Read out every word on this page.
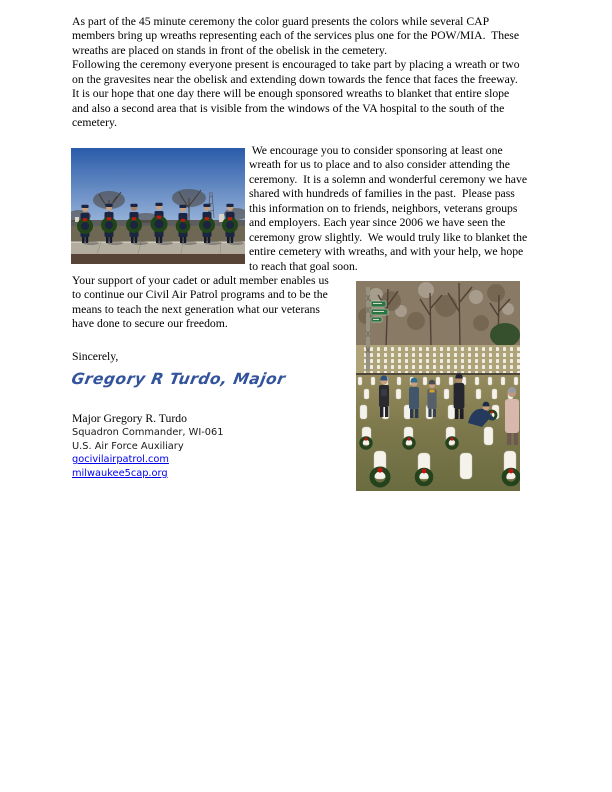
As part of the 45 minute ceremony the color guard presents the colors while several CAP
members bring up wreaths representing each of the services plus one for the POW/MIA.  These
wreaths are placed on stands in front of the obelisk in the cemetery.
Following the ceremony everyone present is encouraged to take part by placing a wreath or two
on the gravesites near the obelisk and extending down towards the fence that faces the freeway.
It is our hope that one day there will be enough sponsored wreaths to blanket that entire slope
and also a second area that is visible from the windows of the VA hospital to the south of the
cemetery.
We encourage you to consider sponsoring at least one
wreath for us to place and to also consider attending the
ceremony.  It is a solemn and wonderful ceremony we have
shared with hundreds of families in the past.  Please pass
this information on to friends, neighbors, veterans groups
and employers. Each year since 2006 we have seen the
ceremony grow slightly.  We would truly like to blanket the
entire cemetery with wreaths, and with your help, we hope
to reach that goal soon.
Your support of your cadet or adult member enables us
to continue our Civil Air Patrol programs and to be the
means to teach the next generation what our veterans
have done to secure our freedom.
Sincerely,
Gregory R Turdo, Major
Major Gregory R. Turdo
Squadron Commander, WI-061
U.S. Air Force Auxiliary
gocivilairpatrol.com
milwaukee5cap.org
